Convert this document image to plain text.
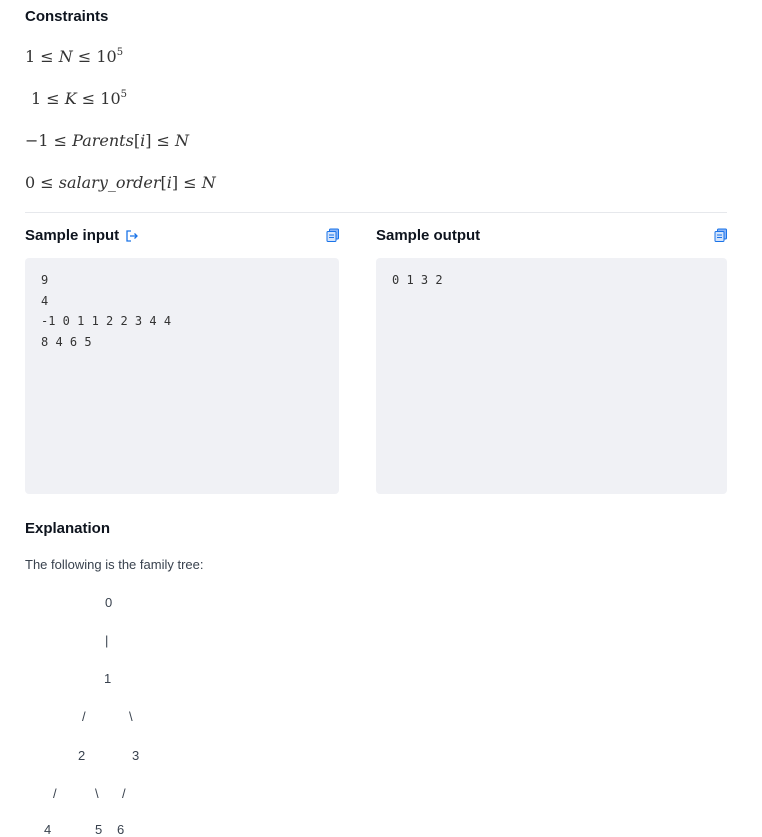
Constraints
$1 \le N \le 10^5$
$1 \le K \le 10^5$
−1 ≤ Parents[i] ≤ N
0 ≤ salary_order[i] ≤ N
Sample input
9
4
-1 0 1 1 2 2 3 4 4
8 4 6 5
Sample output
0 1 3 2
Explanation
The following is the family tree:
0
|
1
/	\
2	3
/	\ /
4	5 6
